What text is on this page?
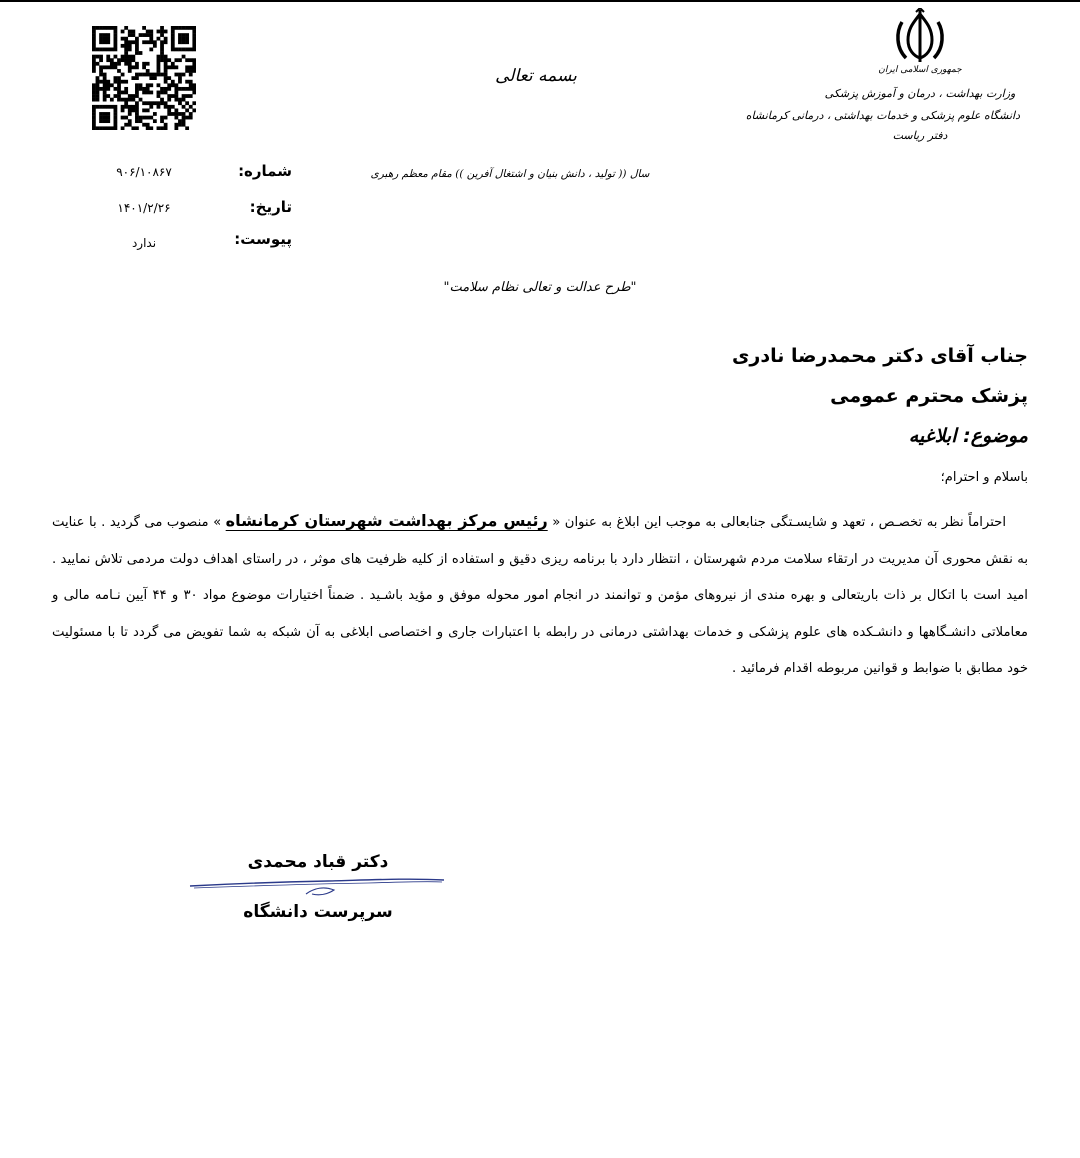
جمهوری اسلامی ایران
وزارت بهداشت ، درمان و آموزش پزشکی
دانشگاه علوم پزشکی و خدمات بهداشتی ، درمانی کرمانشاه
دفتر ریاست
بسمه تعالی
سال (( تولید ، دانش بنیان و اشتغال آفرین )) مقام معظم رهبری
شماره:
۹۰۶/۱۰۸۶۷
تاریخ:
۱۴۰۱/۲/۲۶
پیوست:
ندارد
"طرح عدالت و تعالی نظام سلامت"
جناب آقای دکتر محمدرضا نادری
پزشک محترم عمومی
موضوع: ابلاغیه
باسلام و احترام؛
احتراماً نظر به تخصـص ، تعهد و شایسـتگی جنابعالی به موجب این ابلاغ به عنوان « رئیس مرکز بهداشت شهرستان کرمانشاه » منصوب می گردید . با عنایت به نقش محوری آن مدیریت در ارتقاء سلامت مردم شهرستان ، انتظار دارد با برنامه ریزی دقیق و استفاده از کلیه ظرفیت های موثر ، در راستای اهداف دولت مردمی تلاش نمایید . امید است با اتکال بر ذات باریتعالی و بهره مندی از نیروهای مؤمن و توانمند در انجام امور محوله موفق و مؤید باشـید . ضمناً اختیارات موضوع مواد ۳۰ و ۴۴ آیین نـامه مالی و معاملاتی دانشـگاهها و دانشـکده های علوم پزشکی و خدمات بهداشتی درمانی در رابطه با اعتبارات جاری و اختصاصی ابلاغی به آن شبکه به شما تفویض می گردد تا با مسئولیت خود مطابق با ضوابط و قوانین مربوطه اقدام فرمائید .
دکتر قباد محمدی
سرپرست دانشگاه
